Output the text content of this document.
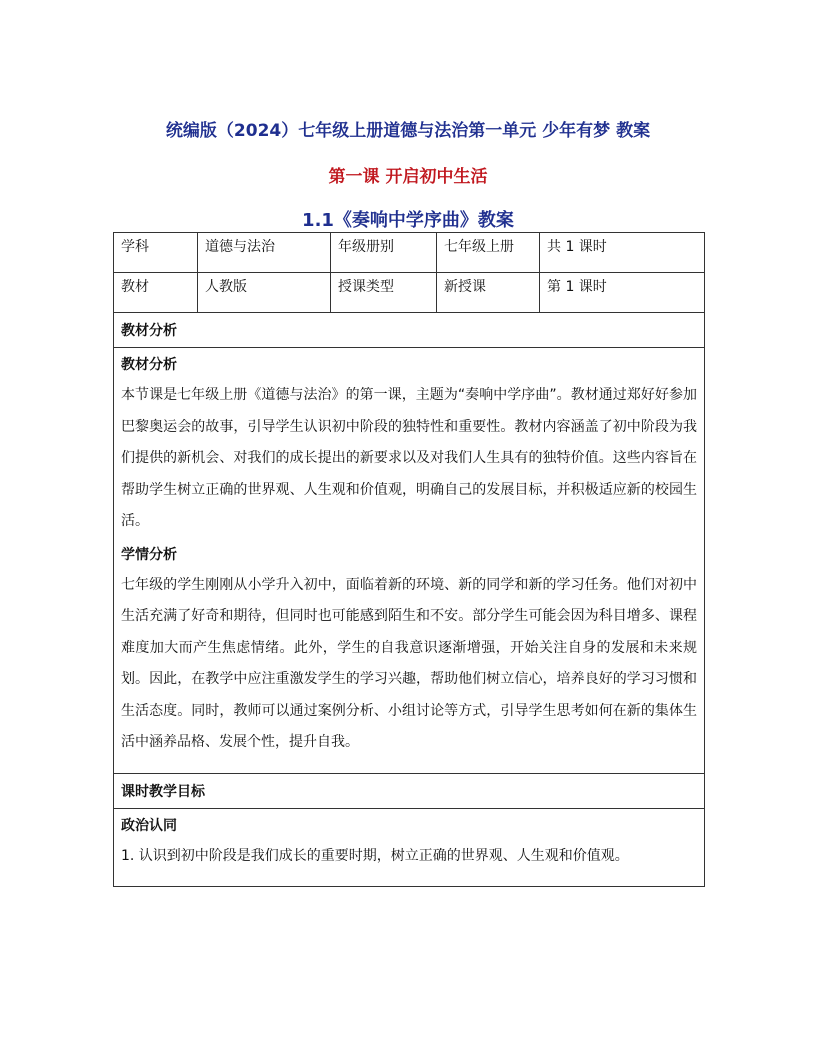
统编版（2024）七年级上册道德与法治第一单元 少年有梦 教案
第一课 开启初中生活
1.1《奏响中学序曲》教案
学科	道德与法治	年级册别	七年级上册	共 1 课时
教材	人教版	授课类型	新授课	第 1 课时
教材分析				

教材分析
本节课是七年级上册《道德与法治》的第一课，主题为“奏响中学序曲”。教材通过郑好好参加巴黎奥运会的故事，引导学生认识初中阶段的独特性和重要性。教材内容涵盖了初中阶段为我们提供的新机会、对我们的成长提出的新要求以及对我们人生具有的独特价值。这些内容旨在帮助学生树立正确的世界观、人生观和价值观，明确自己的发展目标，并积极适应新的校园生活。
学情分析
七年级的学生刚刚从小学升入初中，面临着新的环境、新的同学和新的学习任务。他们对初中生活充满了好奇和期待，但同时也可能感到陌生和不安。部分学生可能会因为科目增多、课程难度加大而产生焦虑情绪。此外，学生的自我意识逐渐增强，开始关注自身的发展和未来规划。因此，在教学中应注重激发学生的学习兴趣，帮助他们树立信心，培养良好的学习习惯和生活态度。同时，教师可以通过案例分析、小组讨论等方式，引导学生思考如何在新的集体生活中涵养品格、发展个性，提升自我。				

课时教学目标				

政治认同
1. 认识到初中阶段是我们成长的重要时期，树立正确的世界观、人生观和价值观。				
